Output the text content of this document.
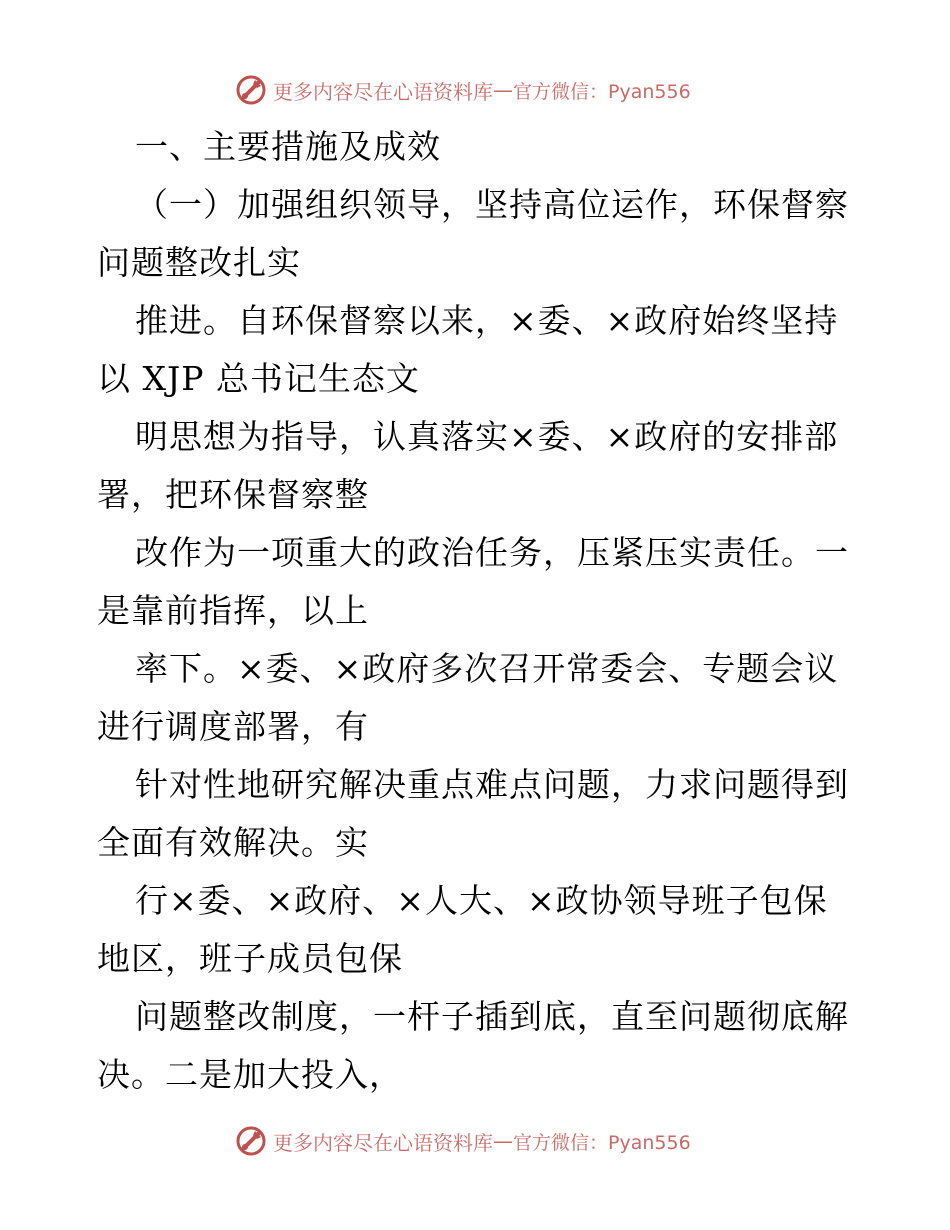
更多内容尽在心语资料库 — 官方微信：Pyan556
一、主要措施及成效
（一）加强组织领导，坚持高位运作，环保督察
问题整改扎实
推进。自环保督察以来，×委、×政府始终坚持
以 XJP 总书记生态文
明思想为指导，认真落实×委、×政府的安排部
署，把环保督察整
改作为一项重大的政治任务，压紧压实责任。一
是靠前指挥，以上
率下。×委、×政府多次召开常委会、专题会议
进行调度部署，有
针对性地研究解决重点难点问题，力求问题得到
全面有效解决。实
行×委、×政府、×人大、×政协领导班子包保
地区，班子成员包保
问题整改制度，一杆子插到底，直至问题彻底解
决。二是加大投入，
更多内容尽在心语资料库 — 官方微信：Pyan556
